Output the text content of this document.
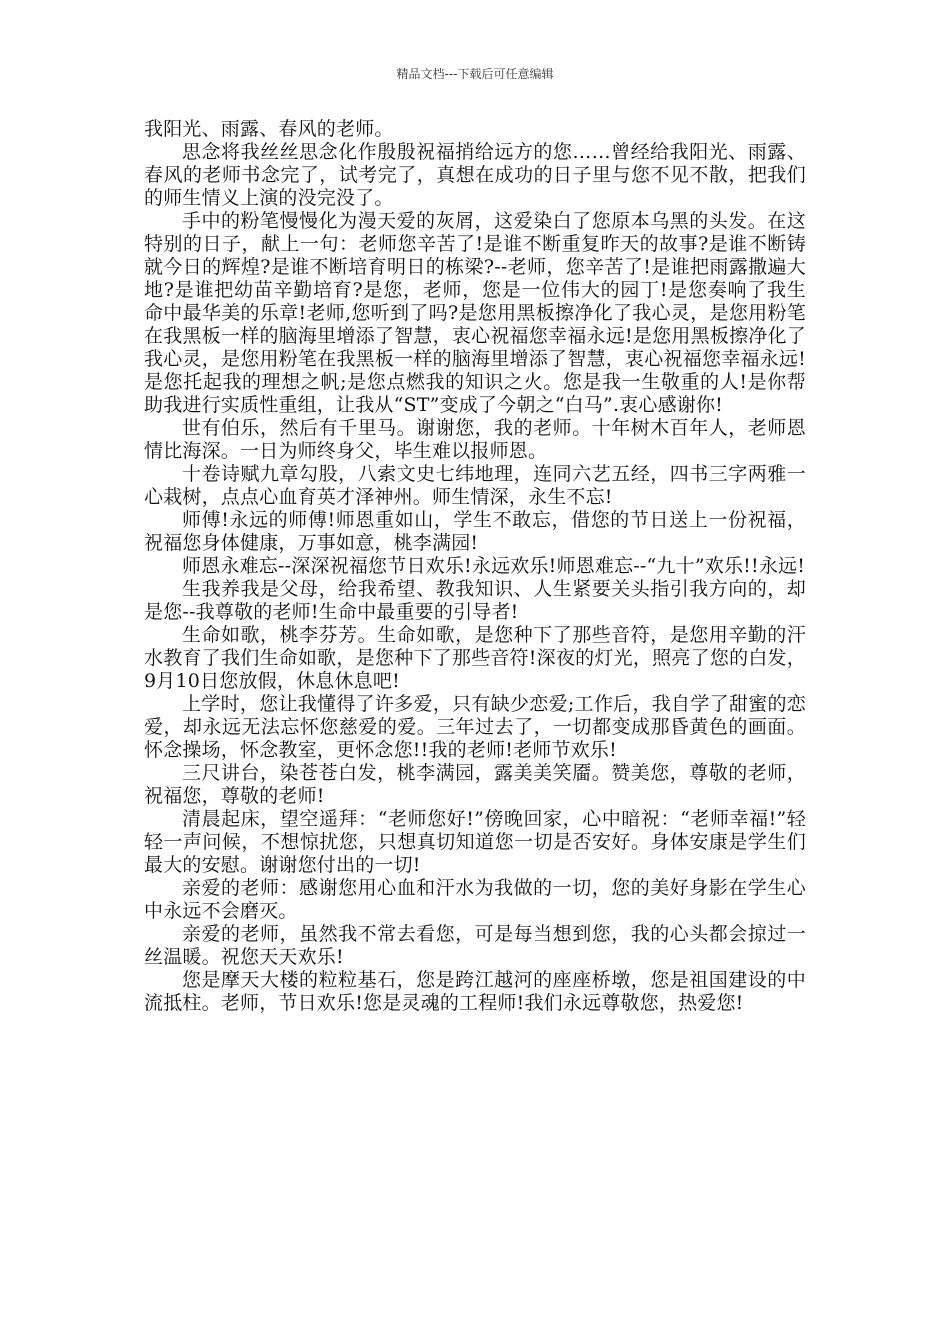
精品文档---下载后可任意编辑

我阳光、雨露、春风的老师。

思念将我丝丝思念化作殷殷祝福捎给远方的您……曾经给我阳光、雨露、春风的老师书念完了，试考完了，真想在成功的日子里与您不见不散，把我们的师生情义上演的没完没了。

手中的粉笔慢慢化为漫天爱的灰屑，这爱染白了您原本乌黑的头发。在这特别的日子，献上一句：老师您辛苦了!是谁不断重复昨天的故事?是谁不断铸就今日的辉煌?是谁不断培育明日的栋梁?--老师，您辛苦了!是谁把雨露撒遍大地?是谁把幼苗辛勤培育?是您，老师，您是一位伟大的园丁!是您奏响了我生命中最华美的乐章!老师,您听到了吗?是您用黑板擦净化了我心灵，是您用粉笔在我黑板一样的脑海里增添了智慧，衷心祝福您幸福永远!是您用黑板擦净化了我心灵，是您用粉笔在我黑板一样的脑海里增添了智慧，衷心祝福您幸福永远!是您托起我的理想之帆;是您点燃我的知识之火。您是我一生敬重的人!是你帮助我进行实质性重组，让我从“ST”变成了今朝之“白马”.衷心感谢你!

世有伯乐，然后有千里马。谢谢您，我的老师。十年树木百年人，老师恩情比海深。一日为师终身父，毕生难以报师恩。

十卷诗赋九章勾股，八索文史七纬地理，连同六艺五经，四书三字两雅一心栽树，点点心血育英才泽神州。师生情深，永生不忘!

师傅!永远的师傅!师恩重如山，学生不敢忘，借您的节日送上一份祝福，祝福您身体健康，万事如意，桃李满园!

师恩永难忘--深深祝福您节日欢乐!永远欢乐!师恩难忘--“九十”欢乐!!永远!

生我养我是父母，给我希望、教我知识、人生紧要关头指引我方向的，却是您--我尊敬的老师!生命中最重要的引导者!

生命如歌，桃李芬芳。生命如歌，是您种下了那些音符，是您用辛勤的汗水教育了我们生命如歌，是您种下了那些音符!深夜的灯光，照亮了您的白发，9月10日您放假，休息休息吧!

上学时，您让我懂得了许多爱，只有缺少恋爱;工作后，我自学了甜蜜的恋爱，却永远无法忘怀您慈爱的爱。三年过去了，一切都变成那昏黄色的画面。怀念操场，怀念教室，更怀念您!!我的老师!老师节欢乐!

三尺讲台，染苍苍白发，桃李满园，露美美笑靥。赞美您，尊敬的老师，祝福您，尊敬的老师!

清晨起床，望空遥拜：“老师您好!”傍晚回家，心中暗祝：“老师幸福!”轻轻一声问候，不想惊扰您，只想真切知道您一切是否安好。身体安康是学生们最大的安慰。谢谢您付出的一切!

亲爱的老师：感谢您用心血和汗水为我做的一切，您的美好身影在学生心中永远不会磨灭。

亲爱的老师，虽然我不常去看您，可是每当想到您，我的心头都会掠过一丝温暖。祝您天天欢乐!

您是摩天大楼的粒粒基石，您是跨江越河的座座桥墩，您是祖国建设的中流抵柱。老师，节日欢乐!您是灵魂的工程师!我们永远尊敬您，热爱您!
